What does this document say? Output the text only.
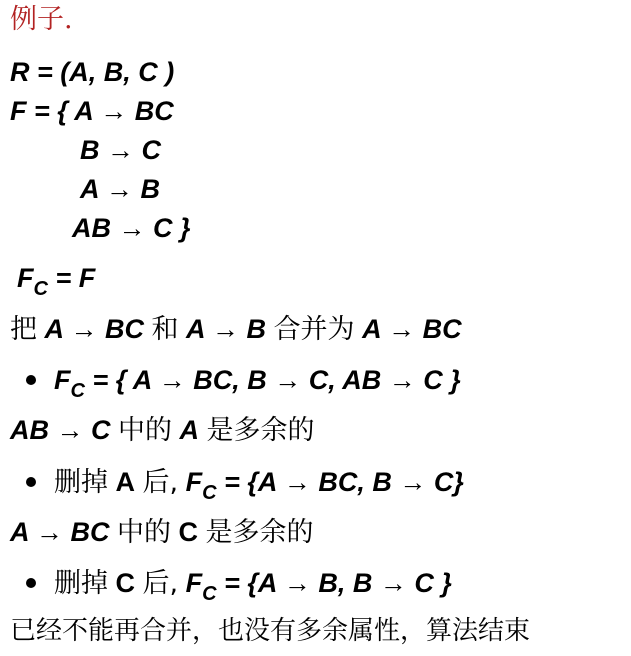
例子.
R = (A, B, C )
F = { A → BC
B → C
A → B
AB → C }
$F_C = F$
把 A → BC 和 A → B 合并为 A → BC
$F_C$ = { A → BC, B → C, AB → C }
AB → C 中的 A 是多余的
删掉 A 后, $F_C = \{A$ → BC, B → C}
A → BC 中的 C 是多余的
删掉 C 后, $F_C = \{A \to B$, B → C }
已经不能再合并，也没有多余属性，算法结束
